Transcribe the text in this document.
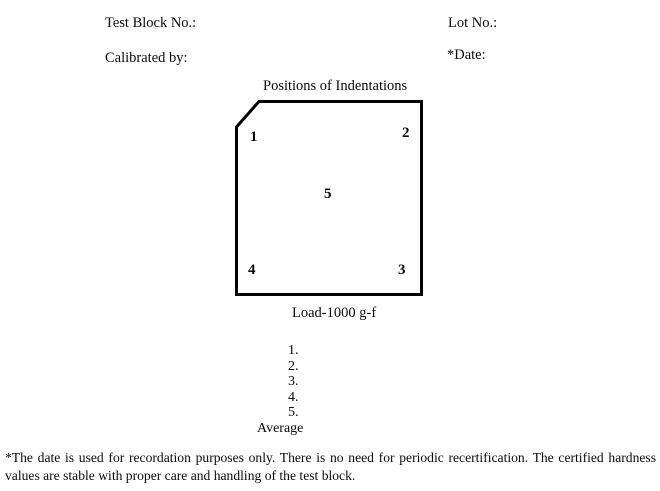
Test Block No.:	Lot No.:
Calibrated by:	*Date:
Positions of Indentations
1	2
3
4
5
Load-1000 g-f
1.
2.
3.
4.
5.
Average
*The date is used for recordation purposes only. There is no need for periodic recertification. The certified hardness values are stable with proper care and handling of the test block.
